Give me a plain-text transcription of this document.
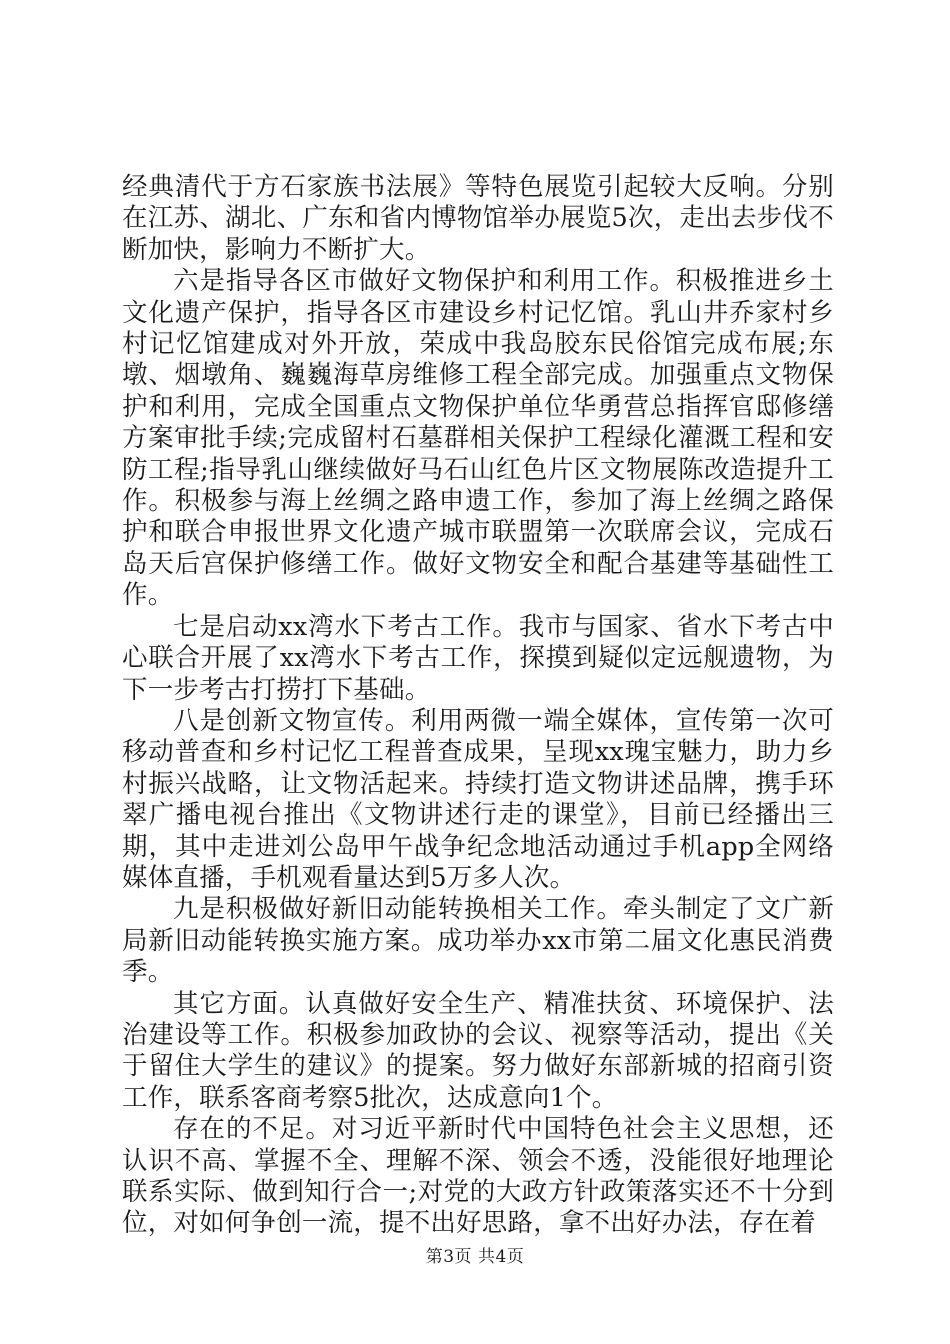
经典清代于方石家族书法展》等特色展览引起较大反响。分别在江苏、湖北、广东和省内博物馆举办展览5次，走出去步伐不断加快，影响力不断扩大。

六是指导各区市做好文物保护和利用工作。积极推进乡土文化遗产保护，指导各区市建设乡村记忆馆。乳山井乔家村乡村记忆馆建成对外开放，荣成中我岛胶东民俗馆完成布展;东墩、烟墩角、巍巍海草房维修工程全部完成。加强重点文物保护和利用，完成全国重点文物保护单位华勇营总指挥官邸修缮方案审批手续;完成留村石墓群相关保护工程绿化灌溉工程和安防工程;指导乳山继续做好马石山红色片区文物展陈改造提升工作。积极参与海上丝绸之路申遗工作，参加了海上丝绸之路保护和联合申报世界文化遗产城市联盟第一次联席会议，完成石岛天后宫保护修缮工作。做好文物安全和配合基建等基础性工作。

七是启动xx湾水下考古工作。我市与国家、省水下考古中心联合开展了xx湾水下考古工作，探摸到疑似定远舰遗物，为下一步考古打捞打下基础。

八是创新文物宣传。利用两微一端全媒体，宣传第一次可移动普查和乡村记忆工程普查成果，呈现xx瑰宝魅力，助力乡村振兴战略，让文物活起来。持续打造文物讲述品牌，携手环翠广播电视台推出《文物讲述行走的课堂》，目前已经播出三期，其中走进刘公岛甲午战争纪念地活动通过手机app全网络媒体直播，手机观看量达到5万多人次。

九是积极做好新旧动能转换相关工作。牵头制定了文广新局新旧动能转换实施方案。成功举办xx市第二届文化惠民消费季。

其它方面。认真做好安全生产、精准扶贫、环境保护、法治建设等工作。积极参加政协的会议、视察等活动，提出《关于留住大学生的建议》的提案。努力做好东部新城的招商引资工作，联系客商考察5批次，达成意向1个。

存在的不足。对习近平新时代中国特色社会主义思想，还认识不高、掌握不全、理解不深、领会不透，没能很好地理论联系实际、做到知行合一;对党的大政方针政策落实还不十分到位，对如何争创一流，提不出好思路，拿不出好办法，存在着

第3页 共4页
